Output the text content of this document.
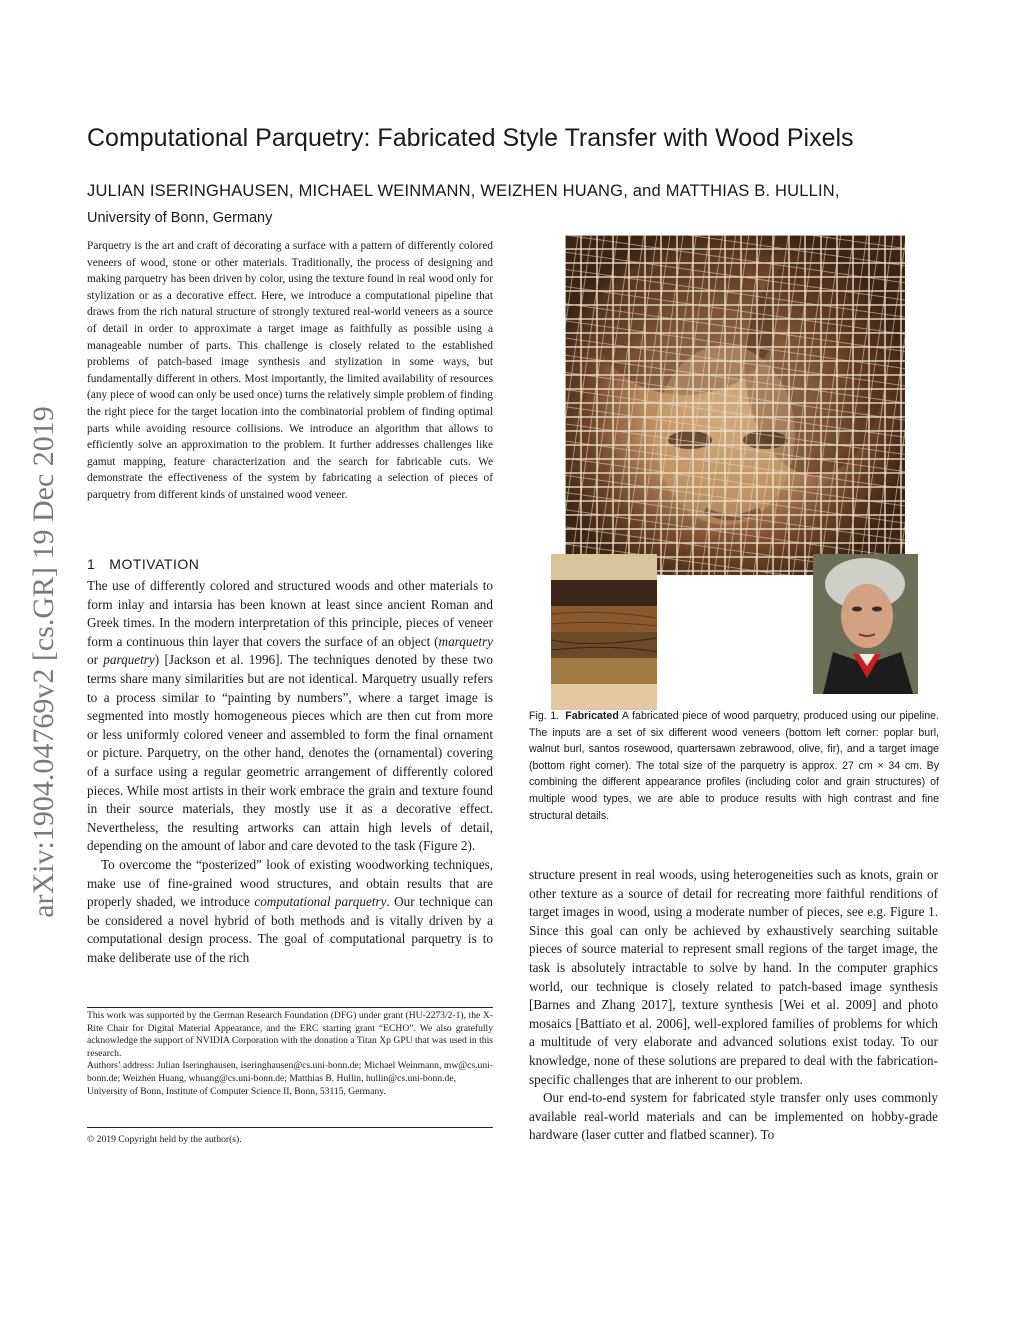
arXiv:1904.04769v2 [cs.GR] 19 Dec 2019
Computational Parquetry: Fabricated Style Transfer with Wood Pixels
JULIAN ISERINGHAUSEN, MICHAEL WEINMANN, WEIZHEN HUANG, and MATTHIAS B. HULLIN,
University of Bonn, Germany
Parquetry is the art and craft of decorating a surface with a pattern of differently colored veneers of wood, stone or other materials. Traditionally, the process of designing and making parquetry has been driven by color, using the texture found in real wood only for stylization or as a decorative effect. Here, we introduce a computational pipeline that draws from the rich natural structure of strongly textured real-world veneers as a source of detail in order to approximate a target image as faithfully as possible using a manageable number of parts. This challenge is closely related to the established problems of patch-based image synthesis and stylization in some ways, but fundamentally different in others. Most importantly, the limited availability of resources (any piece of wood can only be used once) turns the relatively simple problem of finding the right piece for the target location into the combinatorial problem of finding optimal parts while avoiding resource collisions. We introduce an algorithm that allows to efficiently solve an approximation to the problem. It further addresses challenges like gamut mapping, feature characterization and the search for fabricable cuts. We demonstrate the effectiveness of the system by fabricating a selection of pieces of parquetry from different kinds of unstained wood veneer.
1 MOTIVATION

The use of differently colored and structured woods and other materials to form inlay and intarsia has been known at least since ancient Roman and Greek times. In the modern interpretation of this principle, pieces of veneer form a continuous thin layer that covers the surface of an object (marquetry or parquetry) [Jackson et al. 1996]. The techniques denoted by these two terms share many similarities but are not identical. Marquetry usually refers to a process similar to “painting by numbers”, where a target image is segmented into mostly homogeneous pieces which are then cut from more or less uniformly colored veneer and assembled to form the final ornament or picture. Parquetry, on the other hand, denotes the (ornamental) covering of a surface using a regular geometric arrangement of differently colored pieces. While most artists in their work embrace the grain and texture found in their source materials, they mostly use it as a decorative effect. Nevertheless, the resulting artworks can attain high levels of detail, depending on the amount of labor and care devoted to the task (Figure 2).

To overcome the “posterized” look of existing woodworking techniques, make use of fine-grained wood structures, and obtain results that are properly shaded, we introduce computational parquetry. Our technique can be considered a novel hybrid of both methods and is vitally driven by a computational design process. The goal of computational parquetry is to make deliberate use of the rich

This work was supported by the German Research Foundation (DFG) under grant (HU-2273/2-1), the X-Rite Chair for Digital Material Appearance, and the ERC starting grant “ECHO”. We also gratefully acknowledge the support of NVIDIA Corporation with the donation a Titan Xp GPU that was used in this research.

Authors’ address: Julian Iseringhausen, iseringhausen@cs.uni-bonn.de; Michael Weinmann, mw@cs.uni-bonn.de; Weizhen Huang, whuang@cs.uni-bonn.de; Matthias B. Hullin, hullin@cs.uni-bonn.de,

University of Bonn, Institute of Computer Science II, Bonn, 53115, Germany.

© 2019 Copyright held by the author(s).
Fig. 1. Fabricated A fabricated piece of wood parquetry, produced using our pipeline. The inputs are a set of six different wood veneers (bottom left corner: poplar burl, walnut burl, santos rosewood, quartersawn zebrawood, olive, fir), and a target image (bottom right corner). The total size of the parquetry is approx. 27 cm × 34 cm. By combining the different appearance profiles (including color and grain structures) of multiple wood types, we are able to produce results with high contrast and fine structural details.

structure present in real woods, using heterogeneities such as knots, grain or other texture as a source of detail for recreating more faithful renditions of target images in wood, using a moderate number of pieces, see e.g. Figure 1. Since this goal can only be achieved by exhaustively searching suitable pieces of source material to represent small regions of the target image, the task is absolutely intractable to solve by hand. In the computer graphics world, our technique is closely related to patch-based image synthesis [Barnes and Zhang 2017], texture synthesis [Wei et al. 2009] and photo mosaics [Battiato et al. 2006], well-explored families of problems for which a multitude of very elaborate and advanced solutions exist today. To our knowledge, none of these solutions are prepared to deal with the fabrication-specific challenges that are inherent to our problem.

Our end-to-end system for fabricated style transfer only uses commonly available real-world materials and can be implemented on hobby-grade hardware (laser cutter and flatbed scanner). To
